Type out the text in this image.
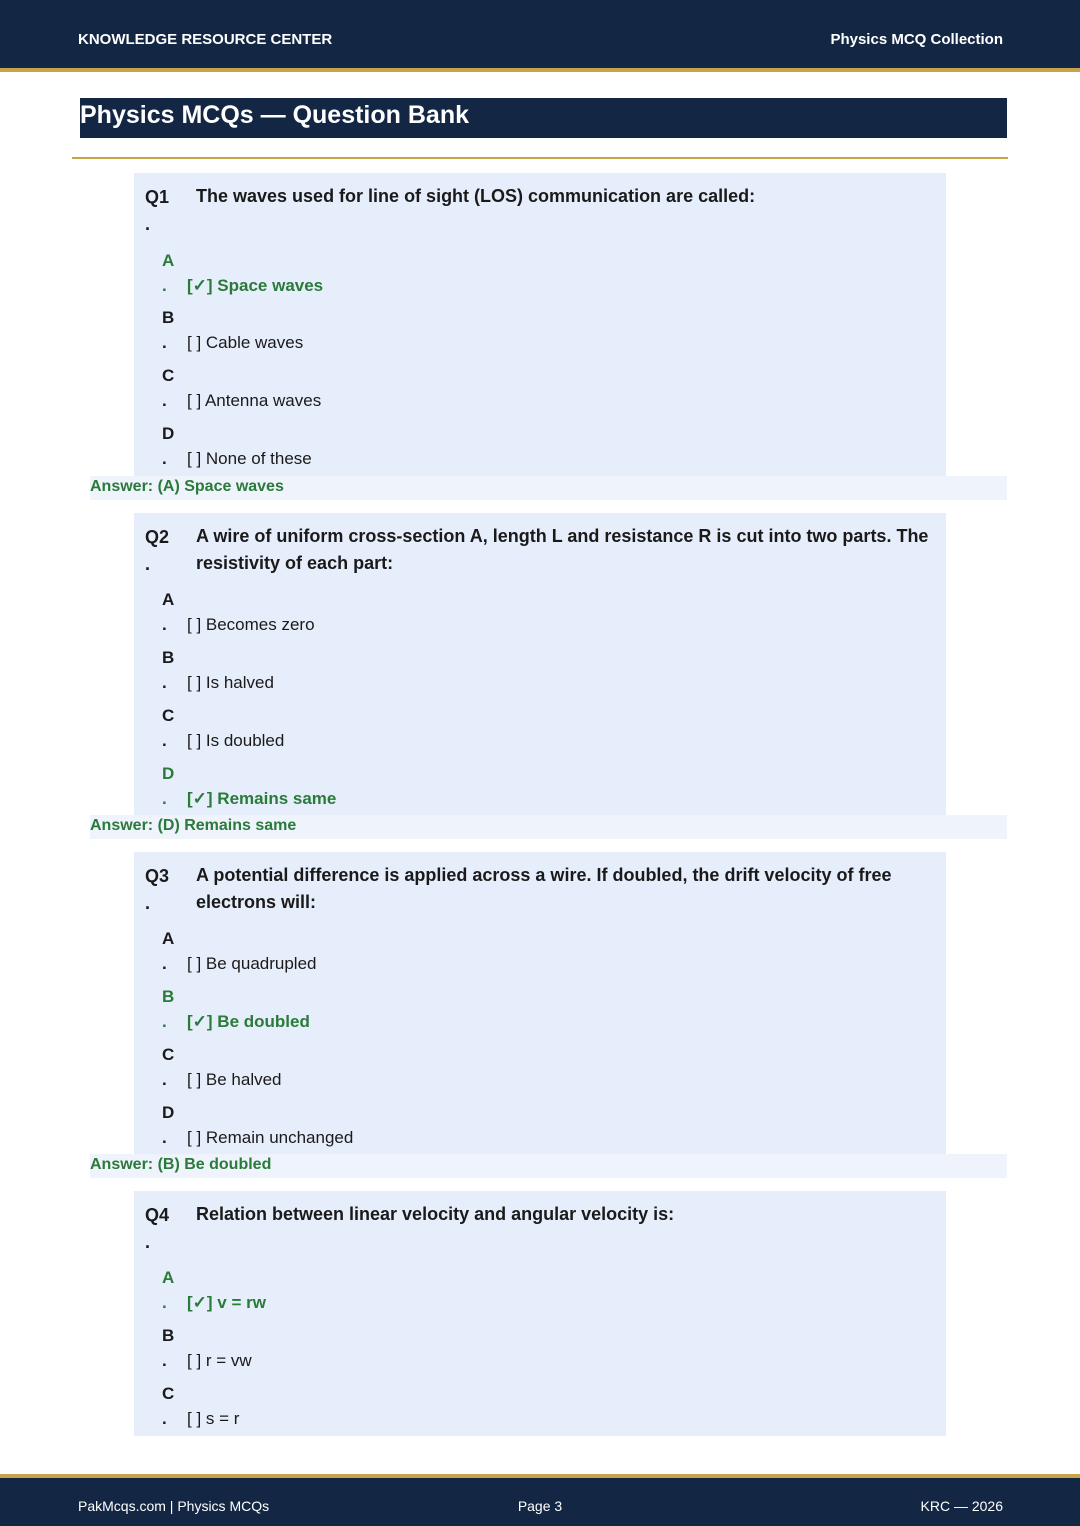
KNOWLEDGE RESOURCE CENTER	Physics MCQ Collection
Physics MCQs — Question Bank
Q1
.
The waves used for line of sight (LOS) communication are called:
A
. [✓] Space waves
B
. [ ] Cable waves
C
. [ ] Antenna waves
D
. [ ] None of these
Answer: (A) Space waves
Q2
.
A wire of uniform cross-section A, length L and resistance R is cut into two parts. The resistivity of each part:
A
. [ ] Becomes zero
B
. [ ] Is halved
C
. [ ] Is doubled
D
. [✓] Remains same
Answer: (D) Remains same
Q3
.
A potential difference is applied across a wire. If doubled, the drift velocity of free electrons will:
A
. [ ] Be quadrupled
B
. [✓] Be doubled
C
. [ ] Be halved
D
. [ ] Remain unchanged
Answer: (B) Be doubled
Q4
.
Relation between linear velocity and angular velocity is:
A
. [✓] v = rw
B
. [ ] r = vw
C
. [ ] s = r
PakMcqs.com | Physics MCQs	Page 3	KRC — 2026
